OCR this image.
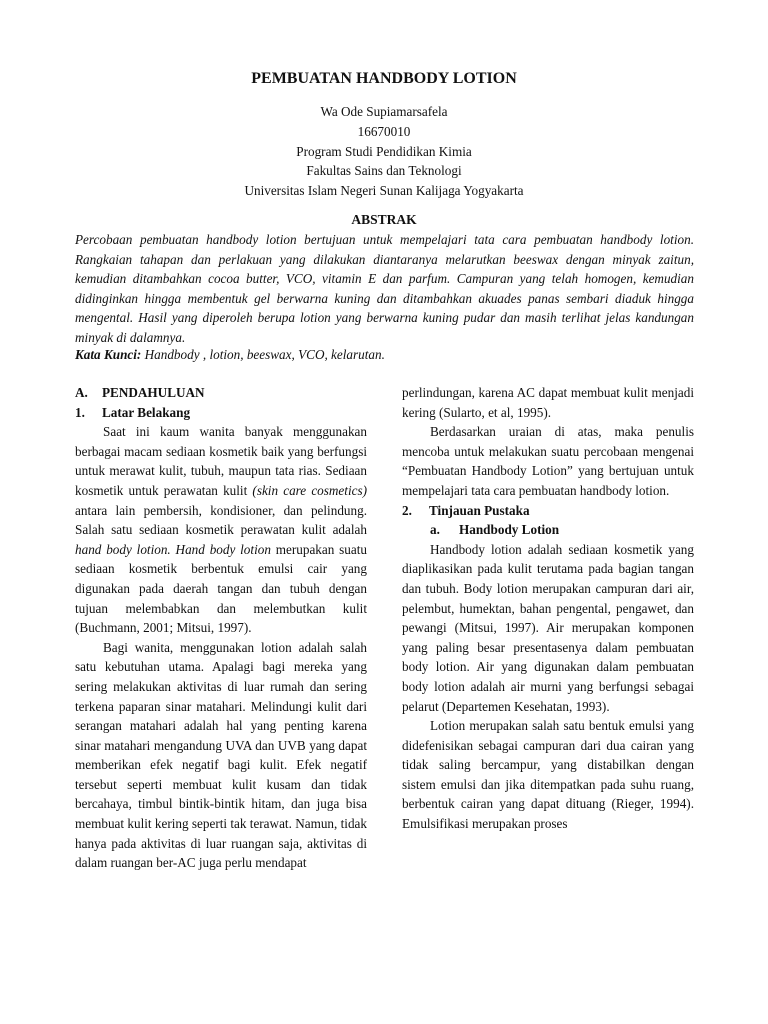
PEMBUATAN HANDBODY LOTION
Wa Ode Supiamarsafela
16670010
Program Studi Pendidikan Kimia
Fakultas Sains dan Teknologi
Universitas Islam Negeri Sunan Kalijaga Yogyakarta
ABSTRAK

Percobaan pembuatan handbody lotion bertujuan untuk mempelajari tata cara pembuatan handbody lotion. Rangkaian tahapan dan perlakuan yang dilakukan diantaranya melarutkan beeswax dengan minyak zaitun, kemudian ditambahkan cocoa butter, VCO, vitamin E dan parfum. Campuran yang telah homogen, kemudian didinginkan hingga membentuk gel berwarna kuning dan ditambahkan akuades panas sembari diaduk hingga mengental. Hasil yang diperoleh berupa lotion yang berwarna kuning pudar dan masih terlihat jelas kandungan minyak di dalamnya.

Kata Kunci: Handbody , lotion, beeswax, VCO, kelarutan.

A.	PENDAHULUAN
1.	Latar Belakang

Saat ini kaum wanita banyak menggunakan berbagai macam sediaan kosmetik baik yang berfungsi untuk merawat kulit, tubuh, maupun tata rias. Sediaan kosmetik untuk perawatan kulit (skin care cosmetics) antara lain pembersih, kondisioner, dan pelindung. Salah satu sediaan kosmetik perawatan kulit adalah hand body lotion. Hand body lotion merupakan suatu sediaan kosmetik berbentuk emulsi cair yang digunakan pada daerah tangan dan tubuh dengan tujuan melembabkan dan melembutkan kulit (Buchmann, 2001; Mitsui, 1997).

Bagi wanita, menggunakan lotion adalah salah satu kebutuhan utama. Apalagi bagi mereka yang sering melakukan aktivitas di luar rumah dan sering terkena paparan sinar matahari. Melindungi kulit dari serangan matahari adalah hal yang penting karena sinar matahari mengandung UVA dan UVB yang dapat memberikan efek negatif bagi kulit. Efek negatif tersebut seperti membuat kulit kusam dan tidak bercahaya, timbul bintik-bintik hitam, dan juga bisa membuat kulit kering seperti tak terawat. Namun, tidak hanya pada aktivitas di luar ruangan saja, aktivitas di dalam ruangan ber-AC juga perlu mendapat

perlindungan, karena AC dapat membuat kulit menjadi kering (Sularto, et al, 1995).

Berdasarkan uraian di atas, maka penulis mencoba untuk melakukan suatu percobaan mengenai “Pembuatan Handbody Lotion” yang bertujuan untuk mempelajari tata cara pembuatan handbody lotion.

2.	Tinjauan Pustaka
a.	Handbody Lotion

Handbody lotion adalah sediaan kosmetik yang diaplikasikan pada kulit terutama pada bagian tangan dan tubuh. Body lotion merupakan campuran dari air, pelembut, humektan, bahan pengental, pengawet, dan pewangi (Mitsui, 1997). Air merupakan komponen yang paling besar presentasenya dalam pembuatan body lotion. Air yang digunakan dalam pembuatan body lotion adalah air murni yang berfungsi sebagai pelarut (Departemen Kesehatan, 1993).

Lotion merupakan salah satu bentuk emulsi yang didefenisikan sebagai campuran dari dua cairan yang tidak saling bercampur, yang distabilkan dengan sistem emulsi dan jika ditempatkan pada suhu ruang, berbentuk cairan yang dapat dituang (Rieger, 1994). Emulsifikasi merupakan proses
